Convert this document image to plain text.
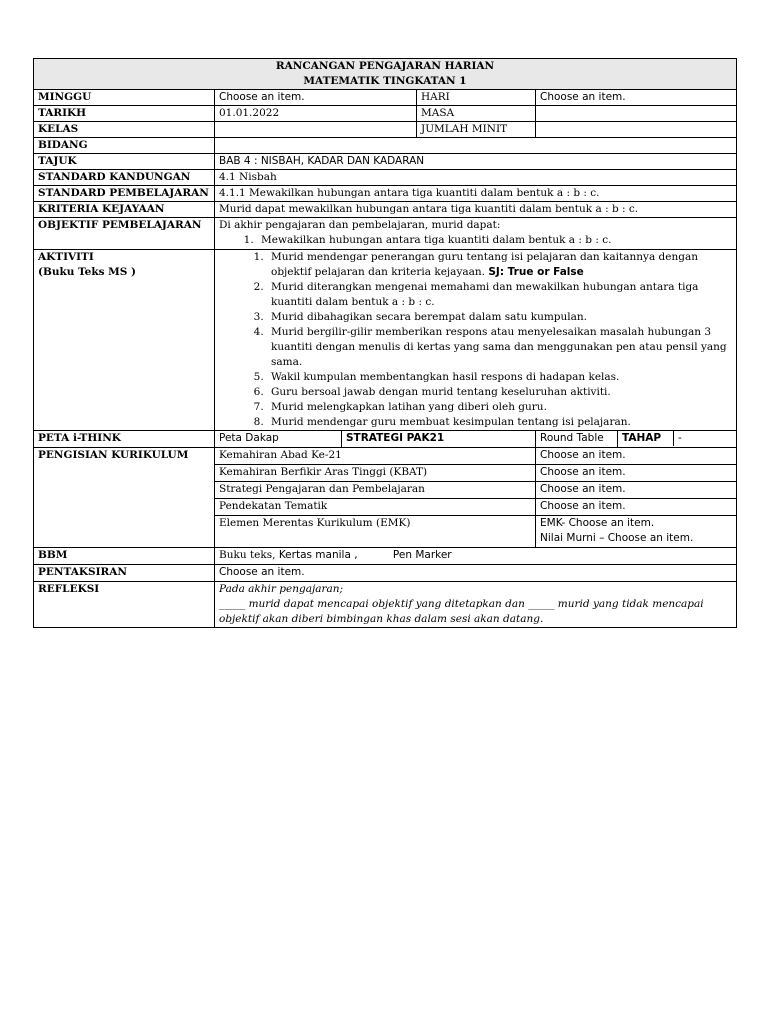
RANCANGAN PENGAJARAN HARIAN
MATEMATIK TINGKATAN 1

MINGGU	Choose an item.	HARI	Choose an item.
TARIKH	01.01.2022	MASA	
KELAS		JUMLAH MINIT	
BIDANG	
TAJUK	BAB 4 : NISBAH, KADAR DAN KADARAN
STANDARD KANDUNGAN	4.1 Nisbah
STANDARD PEMBELAJARAN	4.1.1 Mewakilkan hubungan antara tiga kuantiti dalam bentuk a : b : c.
KRITERIA KEJAYAAN	Murid dapat mewakilkan hubungan antara tiga kuantiti dalam bentuk a : b : c.
OBJEKTIF PEMBELAJARAN	Di akhir pengajaran dan pembelajaran, murid dapat:
1. Mewakilkan hubungan antara tiga kuantiti dalam bentuk a : b : c.

AKTIVITI
(Buku Teks MS )

1. Murid mendengar penerangan guru tentang isi pelajaran dan kaitannya dengan objektif pelajaran dan kriteria kejayaan. SJ: True or False
2. Murid diterangkan mengenai memahami dan mewakilkan hubungan antara tiga kuantiti dalam bentuk a : b : c.
3. Murid dibahagikan secara berempat dalam satu kumpulan.
4. Murid bergilir-gilir memberikan respons atau menyelesaikan masalah hubungan 3 kuantiti dengan menulis di kertas yang sama dan menggunakan pen atau pensil yang sama.
5. Wakil kumpulan membentangkan hasil respons di hadapan kelas.
6. Guru bersoal jawab dengan murid tentang keseluruhan aktiviti.
7. Murid melengkapkan latihan yang diberi oleh guru.
8. Murid mendengar guru membuat kesimpulan tentang isi pelajaran.

PETA i-THINK	Peta Dakap	STRATEGI PAK21	Round Table	TAHAP	-

PENGISIAN KURIKULUM	Kemahiran Abad Ke-21	Choose an item.
Kemahiran Berfikir Aras Tinggi (KBAT)	Choose an item.
Strategi Pengajaran dan Pembelajaran	Choose an item.
Pendekatan Tematik	Choose an item.
Elemen Merentas Kurikulum (EMK)	EMK- Choose an item.
Nilai Murni – Choose an item.

BBM	Buku teks, Kertas manila ,	Pen Marker
PENTAKSIRAN	Choose an item.
REFLEKSI	Pada akhir pengajaran;
_____ murid dapat mencapai objektif yang ditetapkan dan _____ murid yang tidak mencapai objektif akan diberi bimbingan khas dalam sesi akan datang.
